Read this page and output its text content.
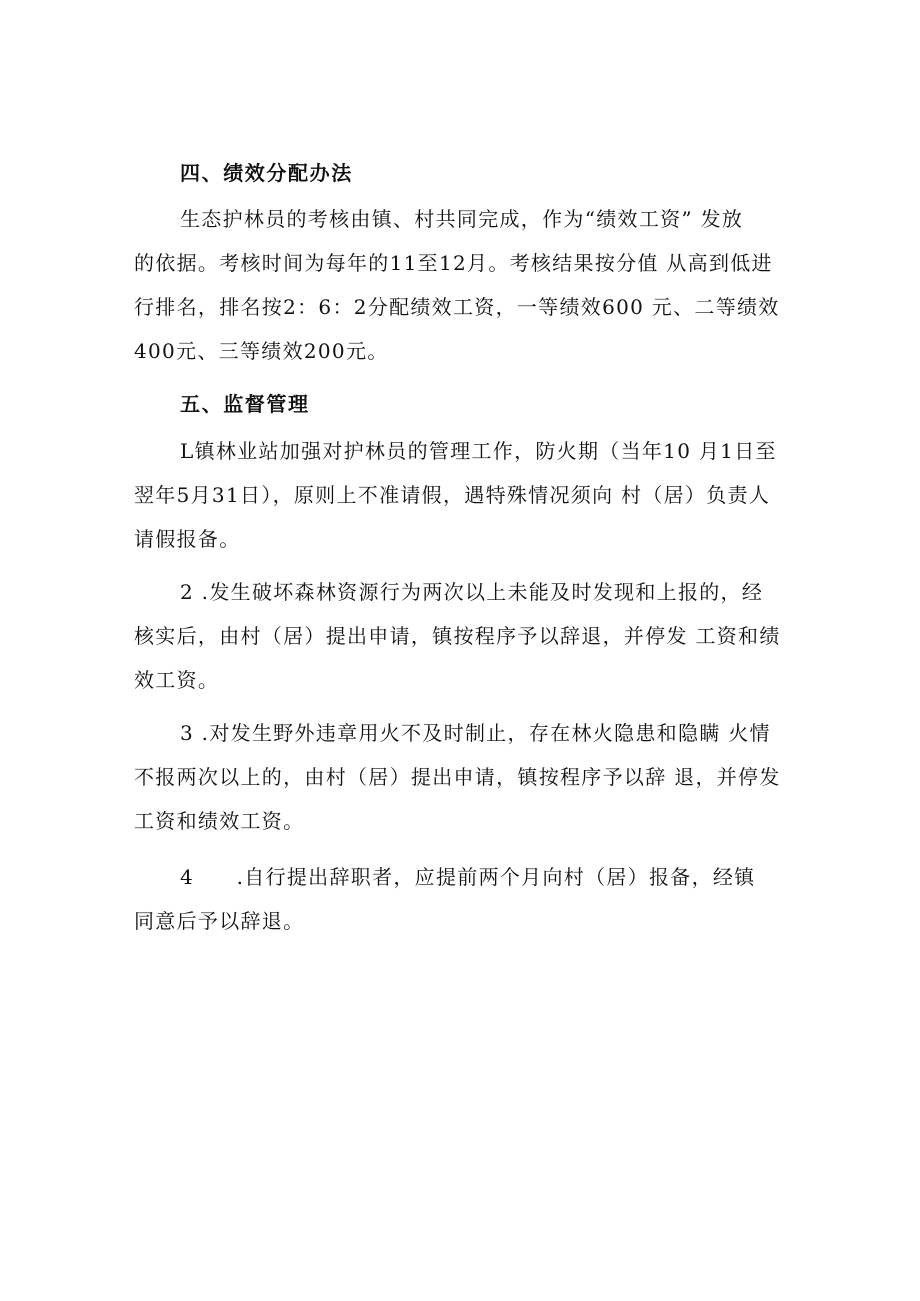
四、绩效分配办法
生态护林员的考核由镇、村共同完成，作为“绩效工资” 发放
的依据。考核时间为每年的11至12月。考核结果按分值 从高到低进
行排名，排名按2：6：2分配绩效工资，一等绩效600 元、二等绩效
400元、三等绩效200元。
五、监督管理
L镇林业站加强对护林员的管理工作，防火期（当年10 月1日至
翌年5月31日），原则上不准请假，遇特殊情况须向 村（居）负责人
请假报备。
2 .发生破坏森林资源行为两次以上未能及时发现和上报的，经
核实后，由村（居）提出申请，镇按程序予以辞退，并停发 工资和绩
效工资。
3 .对发生野外违章用火不及时制止，存在林火隐患和隐瞒 火情
不报两次以上的，由村（居）提出申请，镇按程序予以辞 退，并停发
工资和绩效工资。
4　　.自行提出辞职者，应提前两个月向村（居）报备，经镇
同意后予以辞退。
